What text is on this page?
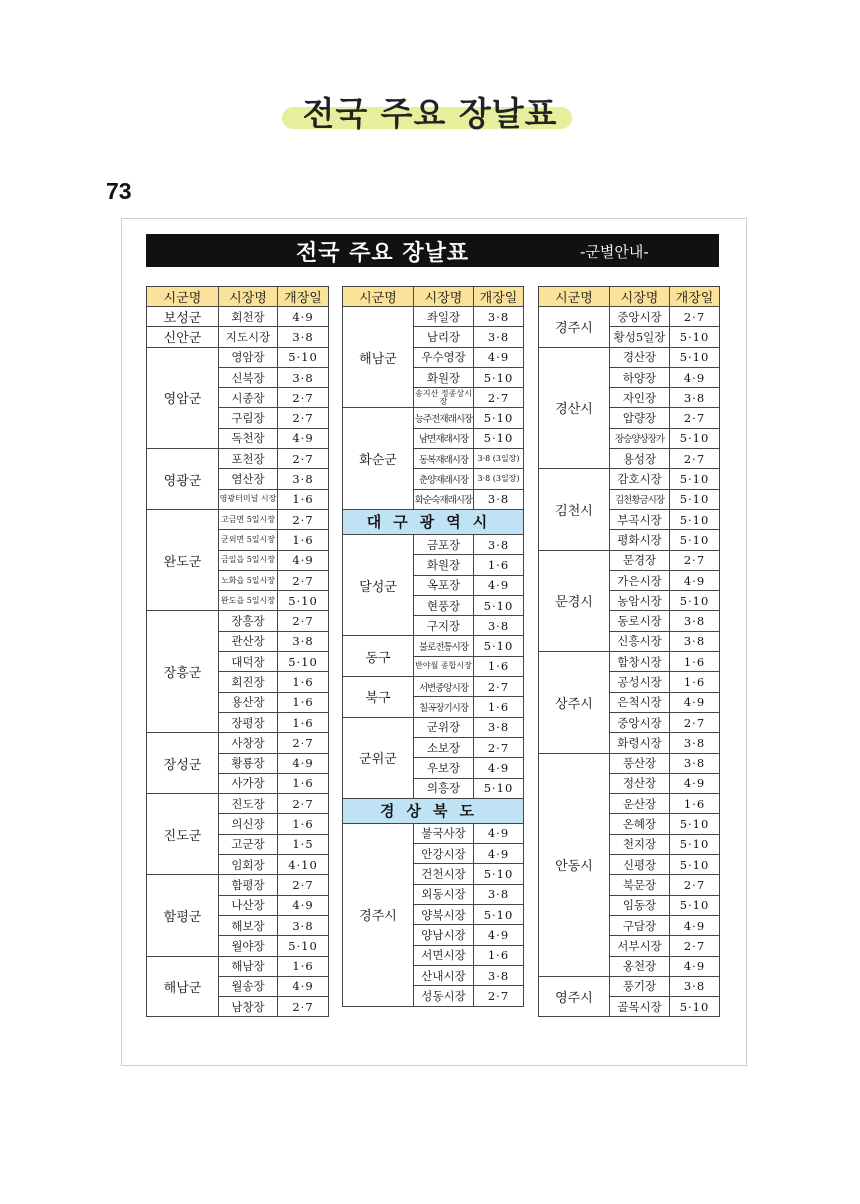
전국 주요 장날표
73
전국 주요 장날표	-군별안내-
시군명	시장명	개장일
보성군	회천장	4·9
신안군	지도시장	3·8
영암군	영암장	5·10
	신북장	3·8
	시종장	2·7
	구림장	2·7
	독천장	4·9
영광군	포천장	2·7
	염산장	3·8
	영광터미널 시장	1·6
완도군	고금면 5일시장	2·7
	군외면 5일시장	1·6
	금일읍 5일시장	4·9
	노화읍 5일시장	2·7
	완도읍 5일시장	5·10
장흥군	장흥장	2·7
	관산장	3·8
	대덕장	5·10
	회진장	1·6
	용산장	1·6
	장평장	1·6
장성군	사창장	2·7
	황룡장	4·9
	사가장	1·6
진도군	진도장	2·7
	의신장	1·6
	고군장	1·5
	임회장	4·10
함평군	함평장	2·7
	나산장	4·9
	해보장	3·8
	월야장	5·10
해남군	해남장	1·6
	월송장	4·9
	남창장	2·7
시군명	시장명	개장일
해남군	좌일장	3·8
	남리장	3·8
	우수영장	4·9
	화원장	5·10
	송지산 정종상시장	2·7
화순군	능주전재래시장	5·10
	남면재래시장	5·10
	동복재래시장	3·8 (3일장)
	춘양재래시장	3·8 (3일장)
	화순숙재래시장	3·8
대구광역시		
달성군	금포장	3·8
	화원장	1·6
	옥포장	4·9
	현풍장	5·10
	구지장	3·8
동구	불로전통시장	5·10
	반야월 종합시장	1·6
북구	서변중앙시장	2·7
	칠곡장기시장	1·6
군위군	군위장	3·8
	소보장	2·7
	우보장	4·9
	의흥장	5·10
경상북도		
경주시	불국사장	4·9
	안강시장	4·9
	건천시장	5·10
	외동시장	3·8
	양북시장	5·10
	양남시장	4·9
	서면시장	1·6
	산내시장	3·8
	성동시장	2·7
시군명	시장명	개장일
경주시	중앙시장	2·7
	황성5일장	5·10
경산시	경산장	5·10
	하양장	4·9
	자인장	3·8
	압량장	2·7
	장승양상장가	5·10
	용성장	2·7
김천시	감호시장	5·10
	김천황금시장	5·10
	부곡시장	5·10
	평화시장	5·10
문경시	문경장	2·7
	가은시장	4·9
	농암시장	5·10
	동로시장	3·8
	신흥시장	3·8
상주시	함창시장	1·6
	공성시장	1·6
	은척시장	4·9
	중앙시장	2·7
	화령시장	3·8
안동시	풍산장	3·8
	정산장	4·9
	운산장	1·6
	온혜장	5·10
	천지장	5·10
	신평장	5·10
	북문장	2·7
	임동장	5·10
	구담장	4·9
	서부시장	2·7
	옹천장	4·9
영주시	풍기장	3·8
	골목시장	5·10
